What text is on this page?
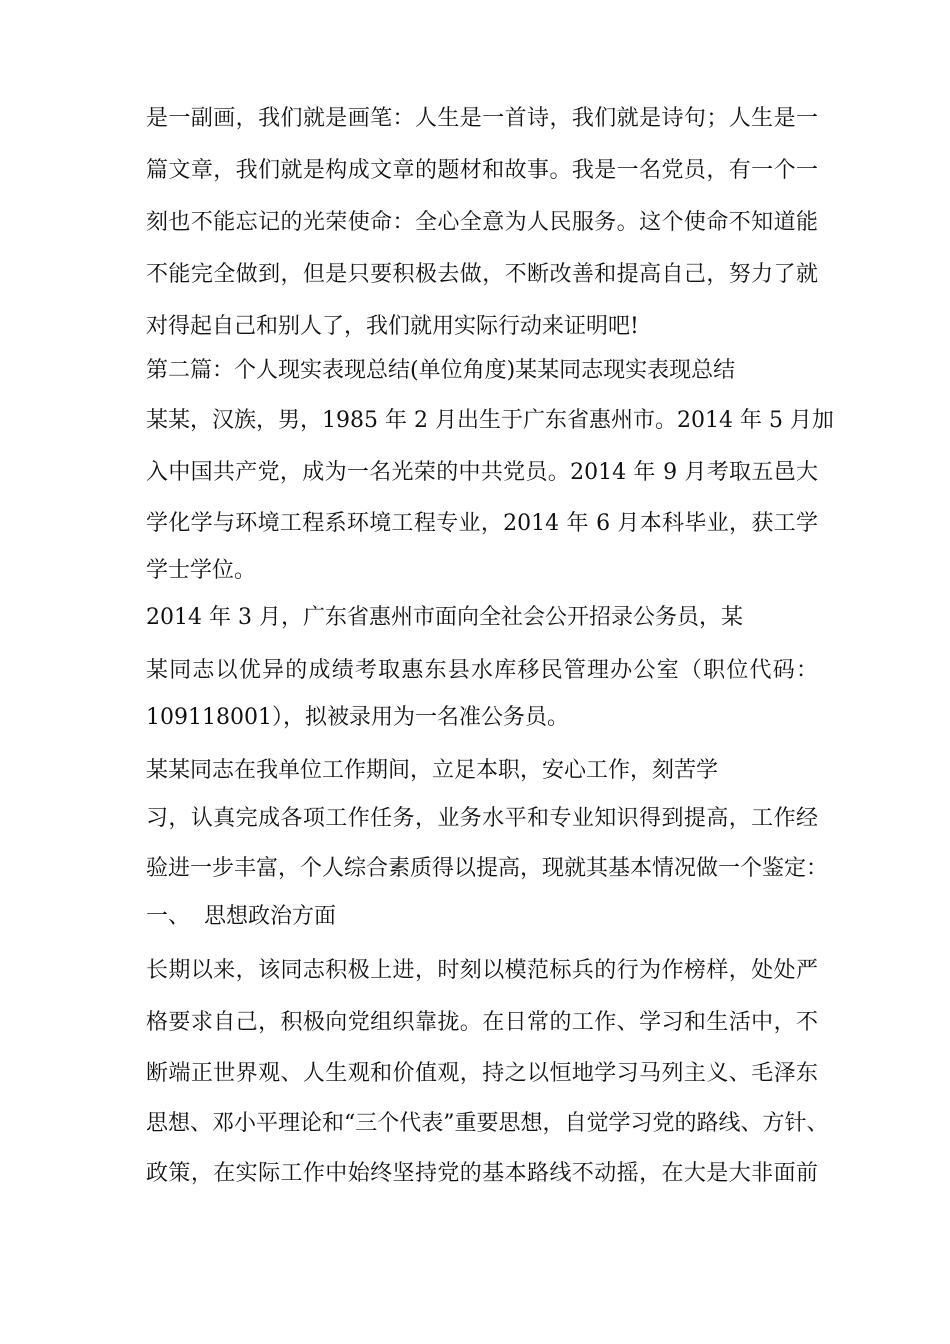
是一副画，我们就是画笔：人生是一首诗，我们就是诗句；人生是一
篇文章，我们就是构成文章的题材和故事。我是一名党员，有一个一
刻也不能忘记的光荣使命：全心全意为人民服务。这个使命不知道能
不能完全做到，但是只要积极去做，不断改善和提高自己，努力了就
对得起自己和别人了，我们就用实际行动来证明吧!
第二篇：个人现实表现总结(单位角度)某某同志现实表现总结
某某，汉族，男，1985 年 2 月出生于广东省惠州市。2014 年 5 月加
入中国共产党，成为一名光荣的中共党员。2014 年 9 月考取五邑大
学化学与环境工程系环境工程专业，2014 年 6 月本科毕业，获工学
学士学位。
2014 年 3 月，广东省惠州市面向全社会公开招录公务员，某
某同志以优异的成绩考取惠东县水库移民管理办公室（职位代码：
109118001），拟被录用为一名准公务员。
某某同志在我单位工作期间，立足本职，安心工作，刻苦学
习，认真完成各项工作任务，业务水平和专业知识得到提高，工作经
验进一步丰富，个人综合素质得以提高，现就其基本情况做一个鉴定：
一、 思想政治方面
长期以来，该同志积极上进，时刻以模范标兵的行为作榜样，处处严
格要求自己，积极向党组织靠拢。在日常的工作、学习和生活中，不
断端正世界观、人生观和价值观，持之以恒地学习马列主义、毛泽东
思想、邓小平理论和“三个代表”重要思想，自觉学习党的路线、方针、
政策，在实际工作中始终坚持党的基本路线不动摇，在大是大非面前
